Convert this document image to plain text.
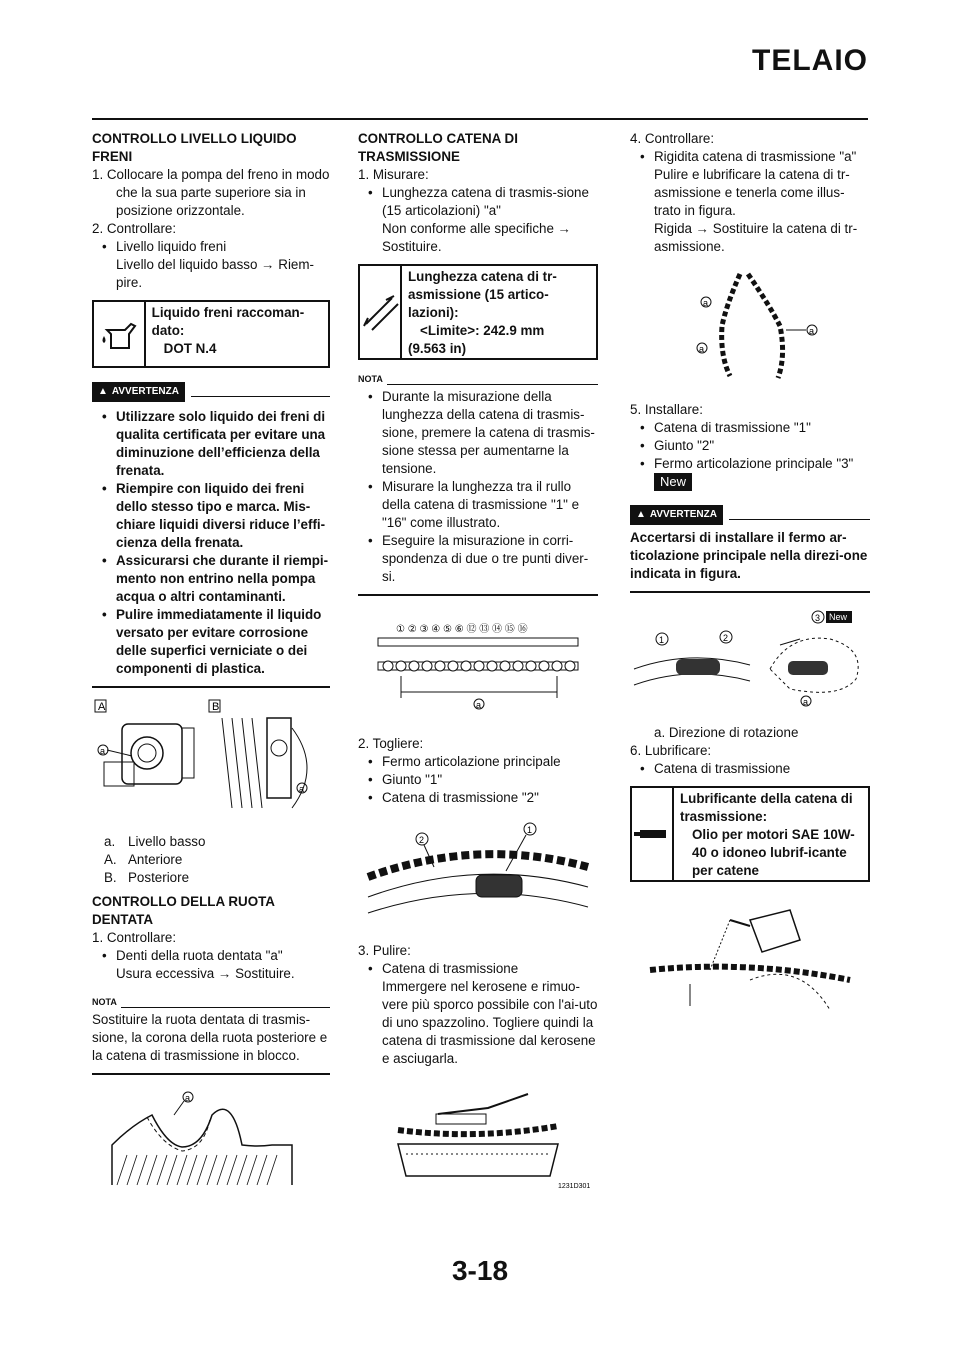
TELAIO

CONTROLLO LIVELLO LIQUIDO FRENI

1. Collocare la pompa del freno in modo che la sua parte superiore sia in posizione orizzontale.

2. Controllare:

• Livello liquido freni

Livello del liquido basso → Riem-pire.

Liquido freni raccoman-dato:
DOT N.4
▲ AVVERTENZA
• Utilizzare solo liquido dei freni di qualita certificata per evitare una diminuzione dell’efficienza della frenata.
• Riempire con liquido dei freni dello stesso tipo e marca. Mis-chiare liquidi diversi riduce l’effi-cienza della frenata.
• Assicurarsi che durante il riempi-mento non entrino nella pompa acqua o altri contaminanti.
• Pulire immediatamente il liquido versato per evitare corrosione delle superfici verniciate o dei componenti di plastica.
A
a
B
a
a. Livello basso
A. Anteriore
B. Posteriore

CONTROLLO DELLA RUOTA DENTATA

1. Controllare:

• Denti della ruota dentata "a"

Usura eccessiva → Sostituire.

NOTA

Sostituire la ruota dentata di trasmis-sione, la corona della ruota posteriore e la catena di trasmissione in blocco.

a

CONTROLLO CATENA DI TRASMISSIONE

1. Misurare:

• Lunghezza catena di trasmis-sione (15 articolazioni) "a"

Non conforme alle specifiche → Sostituire.

Lunghezza catena di tr-asmissione (15 artico-lazioni):
<Limite>: 242.9 mm
(9.563 in)
NOTA
• Durante la misurazione della lunghezza della catena di trasmis-sione, premere la catena di trasmis-sione stessa per aumentarne la tensione.
• Misurare la lunghezza tra il rullo della catena di trasmissione "1" e "16" come illustrato.
• Eseguire la misurazione in corri-spondenza di due o tre punti diver-si.
① ② ③ ④ ⑤ ⑥ ⑫ ⑬ ⑭ ⑮ ⑯
a

2. Togliere:

• Fermo articolazione principale
• Giunto "1"
• Catena di trasmissione "2"
1
2

3. Pulire:

• Catena di trasmissione

Immergere nel kerosene e rimuo-vere più sporco possibile con l'ai-uto di uno spazzolino. Togliere quindi la catena di trasmissione dal kerosene e asciugarla.

1231D301

4. Controllare:

• Rigidita catena di trasmissione "a"

Pulire e lubrificare la catena di tr-asmissione e tenerla come illus-trato in figura.

Rigida → Sostituire la catena di tr-asmissione.

a
a
a

5. Installare:

• Catena di trasmissione "1"
• Giunto "2"
• Fermo articolazione principale "3"
New
▲ AVVERTENZA

Accertarsi di installare il fermo ar-ticolazione principale nella direzi-one indicata in figura.

1	2
3 New
a

a. Direzione di rotazione

6. Lubrificare:

• Catena di trasmissione
Lubrificante della catena di trasmissione:
Olio per motori SAE 10W-40 o idoneo lubrif-icante per catene
3-18
